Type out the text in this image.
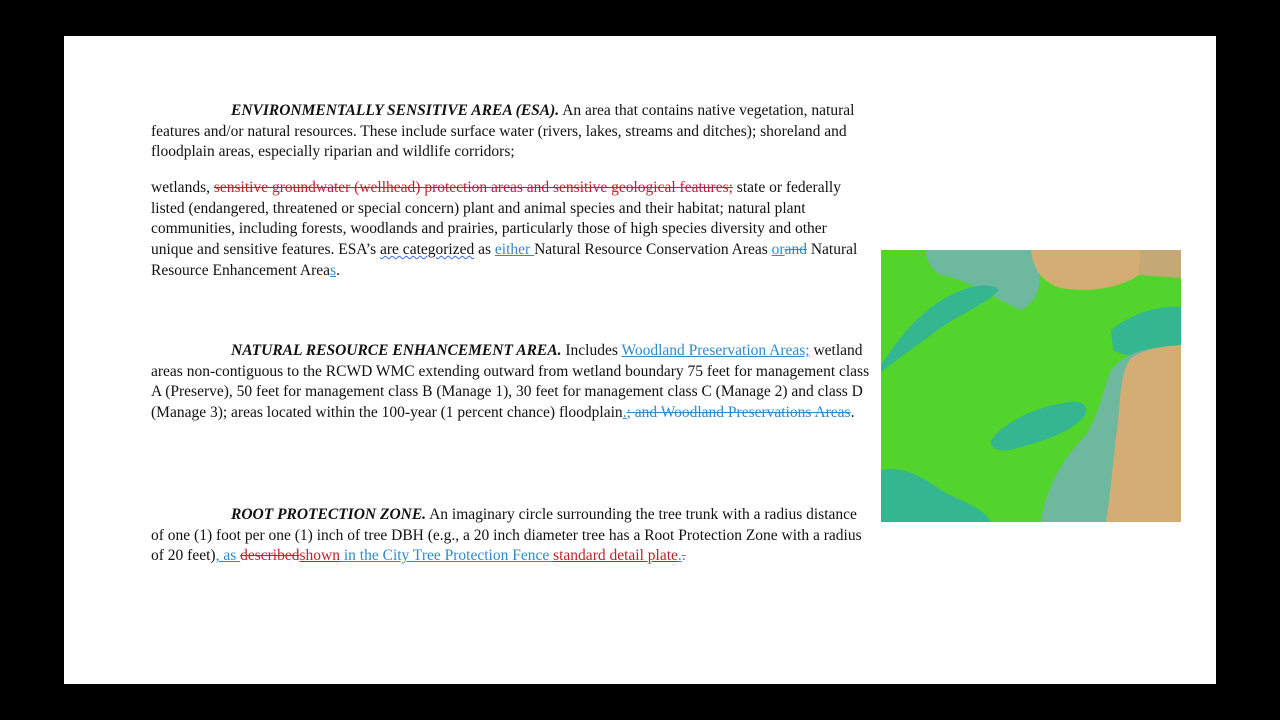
ENVIRONMENTALLY SENSITIVE AREA (ESA). An area that contains native vegetation, natural features and/or natural resources. These include surface water (rivers, lakes, streams and ditches); shoreland and floodplain areas, especially riparian and wildlife corridors;
wetlands, sensitive groundwater (wellhead) protection areas and sensitive geological features; state or federally listed (endangered, threatened or special concern) plant and animal species and their habitat; natural plant communities, including forests, woodlands and prairies, particularly those of high species diversity and other unique and sensitive features. ESA’s are categorized as either Natural Resource Conservation Areas orand Natural Resource Enhancement Areas.
NATURAL RESOURCE ENHANCEMENT AREA. Includes Woodland Preservation Areas; wetland areas non-contiguous to the RCWD WMC extending outward from wetland boundary 75 feet for management class A (Preserve), 50 feet for management class B (Manage 1), 30 feet for management class C (Manage 2) and class D (Manage 3); areas located within the 100-year (1 percent chance) floodplain.; and Woodland Preservations Areas.
ROOT PROTECTION ZONE. An imaginary circle surrounding the tree trunk with a radius distance of one (1) foot per one (1) inch of tree DBH (e.g., a 20 inch diameter tree has a Root Protection Zone with a radius of 20 feet), as describedshown in the City Tree Protection Fence standard detail plate..
